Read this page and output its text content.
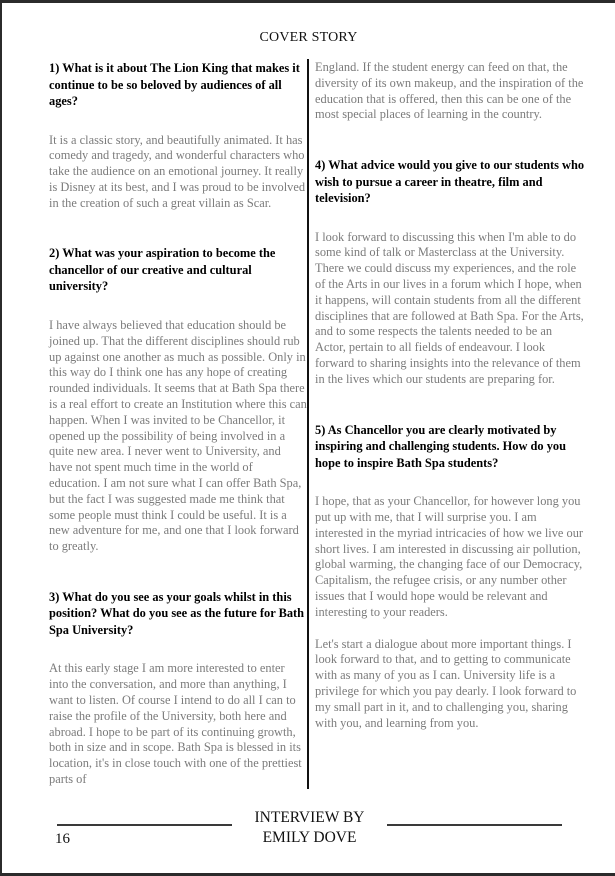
COVER STORY

1) What is it about The Lion King that makes it continue to be so beloved by audiences of all ages?

It is a classic story, and beautifully animated. It has comedy and tragedy, and wonderful characters who take the audience on an emotional journey. It really is Disney at its best, and I was proud to be involved in the creation of such a great villain as Scar.

2) What was your aspiration to become the chancellor of our creative and cultural university?

I have always believed that education should be joined up. That the different disciplines should rub up against one another as much as possible. Only in this way do I think one has any hope of creating rounded individuals. It seems that at Bath Spa there is a real effort to create an Institution where this can happen. When I was invited to be Chancellor, it opened up the possibility of being involved in a quite new area. I never went to University, and have not spent much time in the world of education. I am not sure what I can offer Bath Spa, but the fact I was suggested made me think that some people must think I could be useful. It is a new adventure for me, and one that I look forward to greatly.

3) What do you see as your goals whilst in this position? What do you see as the future for Bath Spa University?

At this early stage I am more interested to enter into the conversation, and more than anything, I want to listen. Of course I intend to do all I can to raise the profile of the University, both here and abroad. I hope to be part of its continuing growth, both in size and in scope. Bath Spa is blessed in its location, it's in close touch with one of the prettiest parts of

England. If the student energy can feed on that, the diversity of its own makeup, and the inspiration of the education that is offered, then this can be one of the most special places of learning in the country.

4) What advice would you give to our students who wish to pursue a career in theatre, film and television?

I look forward to discussing this when I'm able to do some kind of talk or Masterclass at the University. There we could discuss my experiences, and the role of the Arts in our lives in a forum which I hope, when it happens, will contain students from all the different disciplines that are followed at Bath Spa. For the Arts, and to some respects the talents needed to be an Actor, pertain to all fields of endeavour. I look forward to sharing insights into the relevance of them in the lives which our students are preparing for.

5) As Chancellor you are clearly motivated by inspiring and challenging students. How do you hope to inspire Bath Spa students?

I hope, that as your Chancellor, for however long you put up with me, that I will surprise you. I am interested in the myriad intricacies of how we live our short lives. I am interested in discussing air pollution, global warming, the changing face of our Democracy, Capitalism, the refugee crisis, or any number other issues that I would hope would be relevant and interesting to your readers.

Let's start a dialogue about more important things. I look forward to that, and to getting to communicate with as many of you as I can. University life is a privilege for which you pay dearly. I look forward to my small part in it, and to challenging you, sharing with you, and learning from you.

INTERVIEW BY
EMILY DOVE
16
